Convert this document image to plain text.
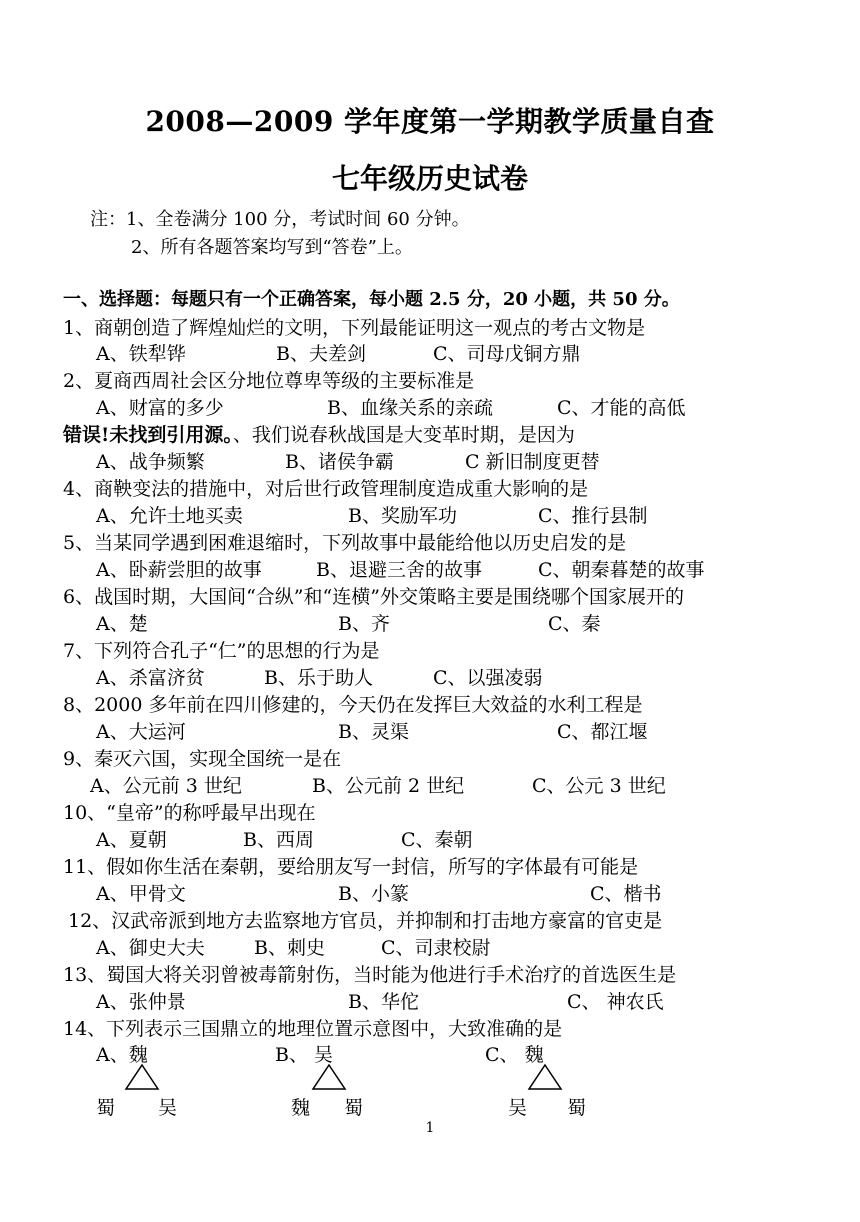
2008—2009 学年度第一学期教学质量自查
七年级历史试卷
注：1、全卷满分 100 分，考试时间 60 分钟。
2、所有各题答案均写到“答卷”上。
一、选择题：每题只有一个正确答案，每小题 2.5 分，20 小题，共 50 分。
1、商朝创造了辉煌灿烂的文明，下列最能证明这一观点的考古文物是
A、铁犁铧	B、夫差剑	C、司母戊铜方鼎
2、夏商西周社会区分地位尊卑等级的主要标准是
A、财富的多少	B、血缘关系的亲疏	C、才能的高低
错误!未找到引用源。、我们说春秋战国是大变革时期，是因为
A、战争频繁	B、诸侯争霸	C 新旧制度更替
4、商鞅变法的措施中，对后世行政管理制度造成重大影响的是
A、允许土地买卖	B、奖励军功	C、推行县制
5、当某同学遇到困难退缩时，下列故事中最能给他以历史启发的是
A、卧薪尝胆的故事	B、退避三舍的故事	C、朝秦暮楚的故事
6、战国时期，大国间“合纵”和“连横”外交策略主要是围绕哪个国家展开的
A、楚	B、齐	C、秦
7、下列符合孔子“仁”的思想的行为是
A、杀富济贫	B、乐于助人	C、以强凌弱
8、2000 多年前在四川修建的，今天仍在发挥巨大效益的水利工程是
A、大运河	B、灵渠	C、都江堰
9、秦灭六国，实现全国统一是在
A、公元前 3 世纪	B、公元前 2 世纪	C、公元 3 世纪
10、“皇帝”的称呼最早出现在
A、夏朝	B、西周	C、秦朝
11、假如你生活在秦朝，要给朋友写一封信，所写的字体最有可能是
A、甲骨文	B、小篆	C、楷书
12、汉武帝派到地方去监察地方官员，并抑制和打击地方豪富的官吏是
A、御史大夫	B、刺史	C、司隶校尉
13、蜀国大将关羽曾被毒箭射伤，当时能为他进行手术治疗的首选医生是
A、张仲景	B、华佗	C、 神农氏
14、下列表示三国鼎立的地理位置示意图中，大致准确的是
A、魏	B、 吴	C、 魏
蜀 吴	魏 蜀	吴 蜀
1
